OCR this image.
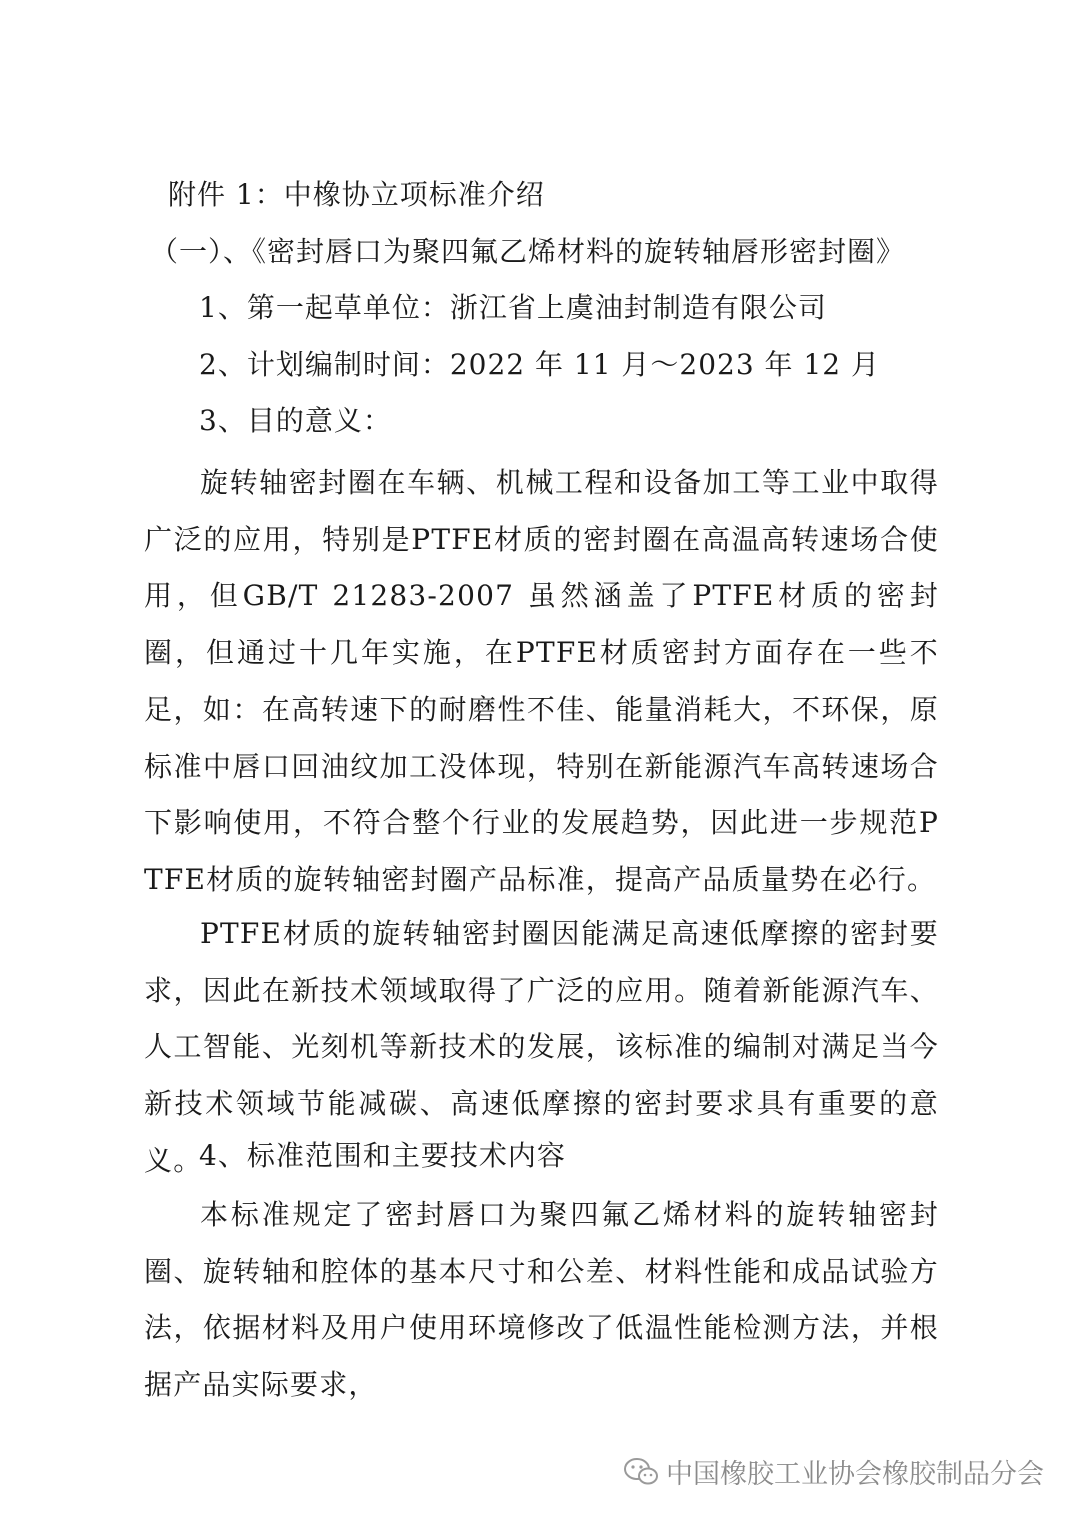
附件 1：中橡协立项标准介绍
（一）、《密封唇口为聚四氟乙烯材料的旋转轴唇形密封圈》
1、第一起草单位：浙江省上虞油封制造有限公司
2、计划编制时间：2022 年 11 月～2023 年 12 月
3、目的意义：
旋转轴密封圈在车辆、机械工程和设备加工等工业中取得广泛的应用，特别是PTFE材质的密封圈在高温高转速场合使用，但GB/T 21283-2007 虽然涵盖了PTFE材质的密封圈，但通过十几年实施，在PTFE材质密封方面存在一些不足，如：在高转速下的耐磨性不佳、能量消耗大，不环保，原标准中唇口回油纹加工没体现，特别在新能源汽车高转速场合下影响使用，不符合整个行业的发展趋势，因此进一步规范PTFE材质的旋转轴密封圈产品标准，提高产品质量势在必行。
PTFE材质的旋转轴密封圈因能满足高速低摩擦的密封要求，因此在新技术领域取得了广泛的应用。随着新能源汽车、人工智能、光刻机等新技术的发展，该标准的编制对满足当今新技术领域节能减碳、高速低摩擦的密封要求具有重要的意义。
4、标准范围和主要技术内容
本标准规定了密封唇口为聚四氟乙烯材料的旋转轴密封圈、旋转轴和腔体的基本尺寸和公差、材料性能和成品试验方法，依据材料及用户使用环境修改了低温性能检测方法，并根据产品实际要求，
中国橡胶工业协会橡胶制品分会
